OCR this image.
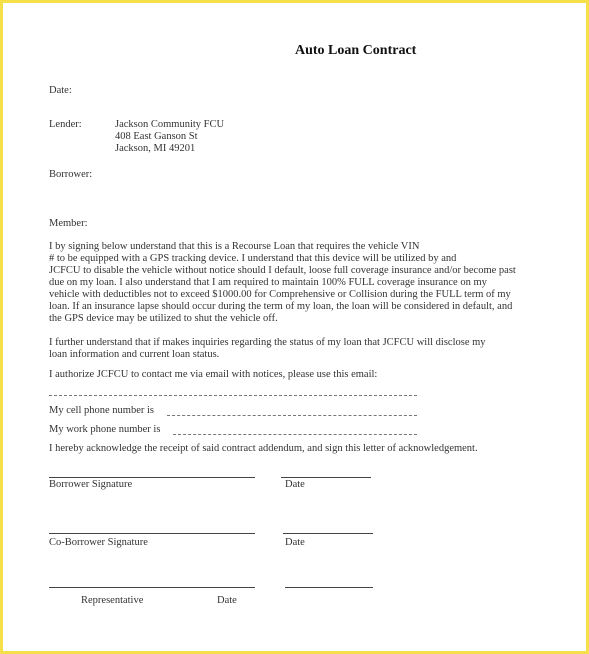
Auto Loan Contract
Date:
Lender:	Jackson Community FCU
408 East Ganson St
Jackson, MI 49201
Borrower:
Member:
I by signing below understand that this is a Recourse Loan that requires the vehicle VIN
# to be equipped with a GPS tracking device. I understand that this device will be utilized by and
JCFCU to disable the vehicle without notice should I default, loose full coverage insurance and/or become past
due on my loan. I also understand that I am required to maintain 100% FULL coverage insurance on my
vehicle with deductibles not to exceed $1000.00 for Comprehensive or Collision during the FULL term of my
loan. If an insurance lapse should occur during the term of my loan, the loan will be considered in default, and
the GPS device may be utilized to shut the vehicle off.
I further understand that if makes inquiries regarding the status of my loan that JCFCU will disclose my
loan information and current loan status.
I authorize JCFCU to contact me via email with notices, please use this email:
My cell phone number is
My work phone number is
I hereby acknowledge the receipt of said contract addendum, and sign this letter of acknowledgement.
Borrower Signature	Date
Co-Borrower Signature	Date
Representative	Date
